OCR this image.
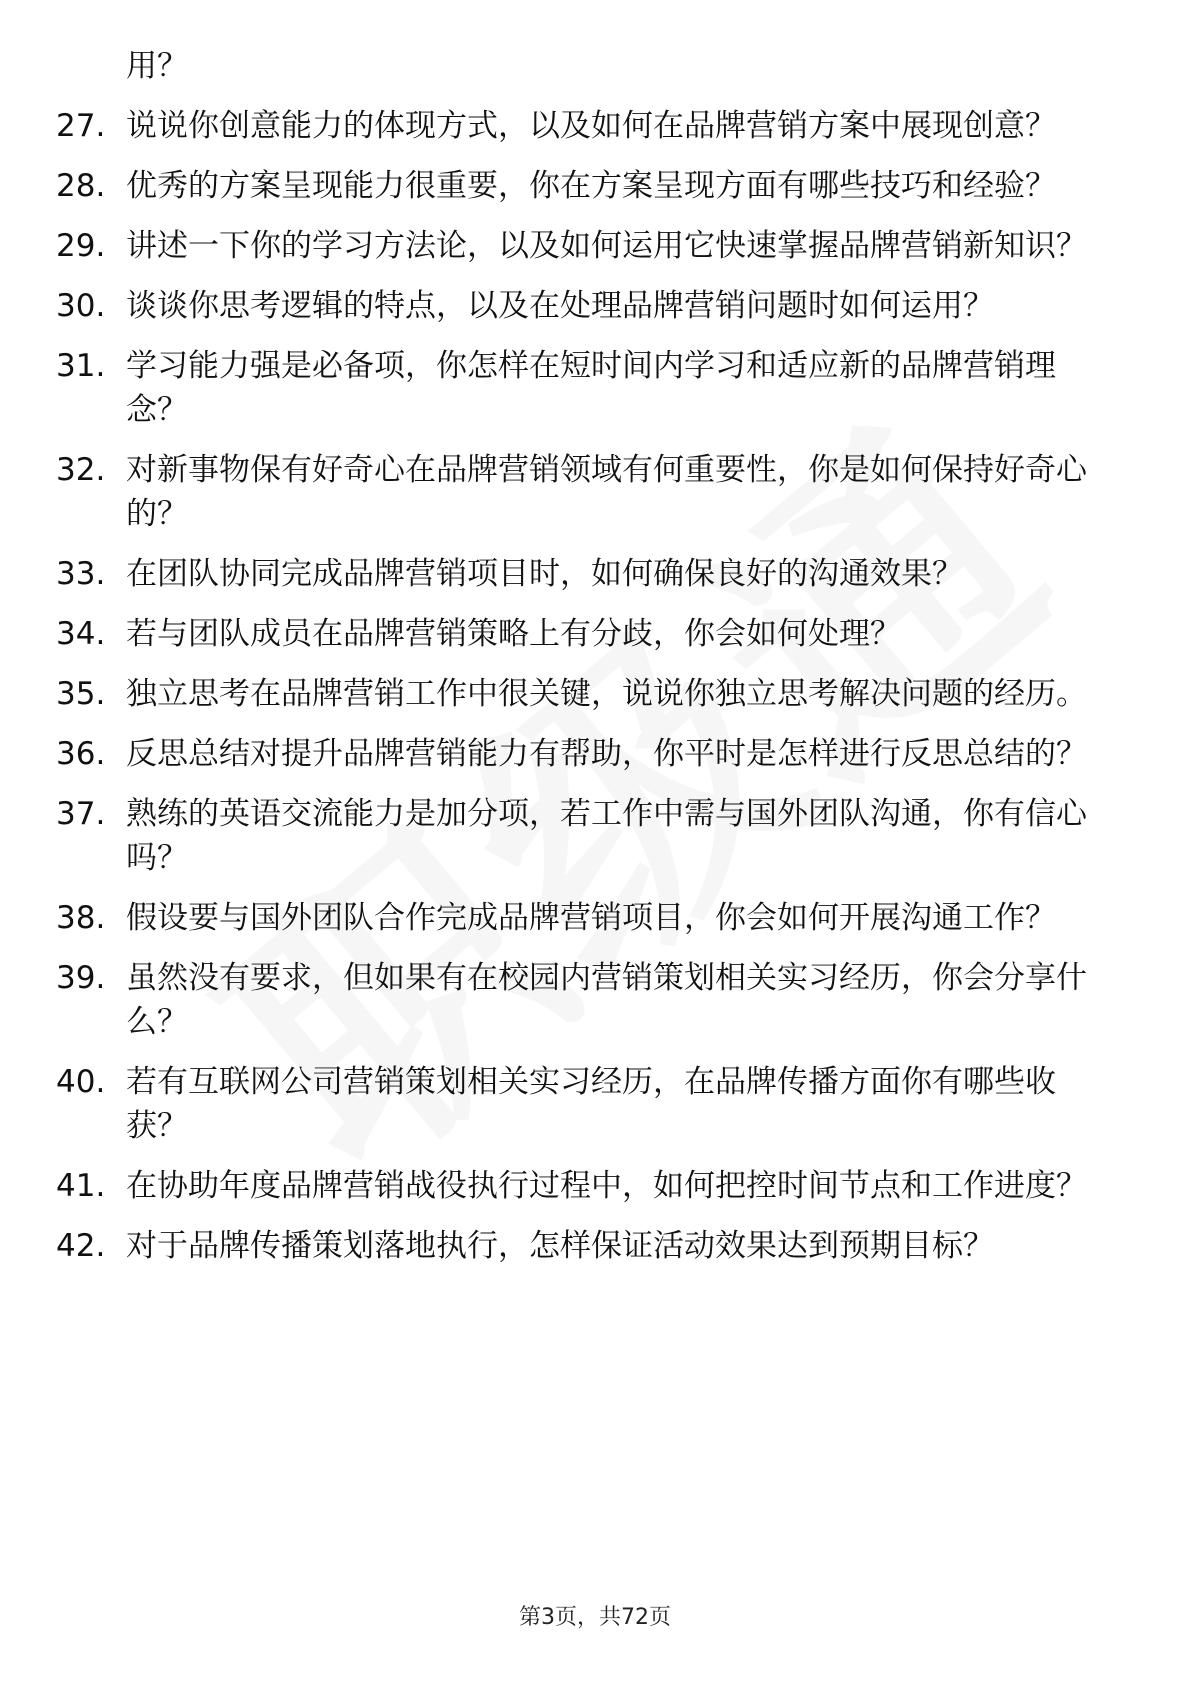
用？
27. 说说你创意能力的体现方式，以及如何在品牌营销方案中展现创意？
28. 优秀的方案呈现能力很重要，你在方案呈现方面有哪些技巧和经验？
29. 讲述一下你的学习方法论，以及如何运用它快速掌握品牌营销新知识？
30. 谈谈你思考逻辑的特点，以及在处理品牌营销问题时如何运用？
31. 学习能力强是必备项，你怎样在短时间内学习和适应新的品牌营销理念？
32. 对新事物保有好奇心在品牌营销领域有何重要性，你是如何保持好奇心的？
33. 在团队协同完成品牌营销项目时，如何确保良好的沟通效果？
34. 若与团队成员在品牌营销策略上有分歧，你会如何处理？
35. 独立思考在品牌营销工作中很关键，说说你独立思考解决问题的经历。
36. 反思总结对提升品牌营销能力有帮助，你平时是怎样进行反思总结的？
37. 熟练的英语交流能力是加分项，若工作中需与国外团队沟通，你有信心吗？
38. 假设要与国外团队合作完成品牌营销项目，你会如何开展沟通工作？
39. 虽然没有要求，但如果有在校园内营销策划相关实习经历，你会分享什么？
40. 若有互联网公司营销策划相关实习经历，在品牌传播方面你有哪些收获？
41. 在协助年度品牌营销战役执行过程中，如何把控时间节点和工作进度？
42. 对于品牌传播策划落地执行，怎样保证活动效果达到预期目标？
第3页，共72页
